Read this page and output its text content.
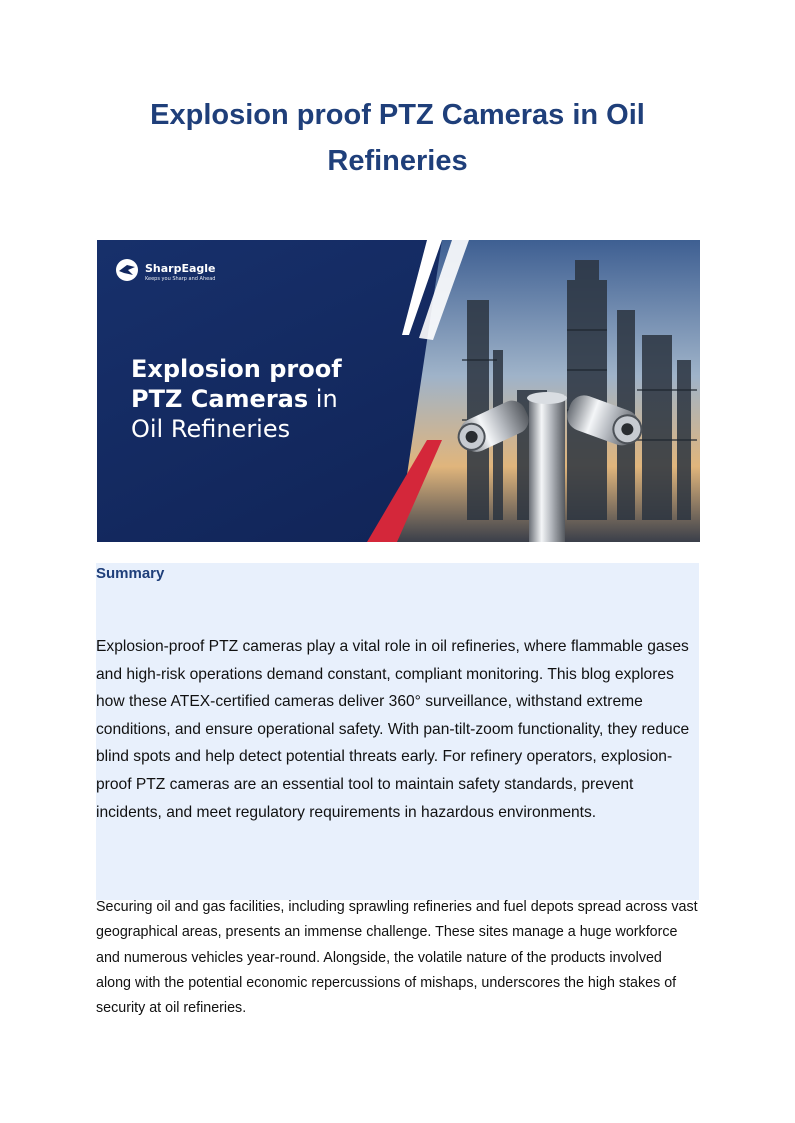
Explosion proof PTZ Cameras in Oil Refineries
SharpEagle
Keeps you Sharp and Ahead
Explosion proof
PTZ Cameras in
Oil Refineries
Summary

Explosion-proof PTZ cameras play a vital role in oil refineries, where flammable gases and high-risk operations demand constant, compliant monitoring. This blog explores how these ATEX-certified cameras deliver 360° surveillance, withstand extreme conditions, and ensure operational safety. With pan-tilt-zoom functionality, they reduce blind spots and help detect potential threats early. For refinery operators, explosion-proof PTZ cameras are an essential tool to maintain safety standards, prevent incidents, and meet regulatory requirements in hazardous environments.

Securing oil and gas facilities, including sprawling refineries and fuel depots spread across vast geographical areas, presents an immense challenge. These sites manage a huge workforce and numerous vehicles year-round. Alongside, the volatile nature of the products involved along with the potential economic repercussions of mishaps, underscores the high stakes of security at oil refineries.
